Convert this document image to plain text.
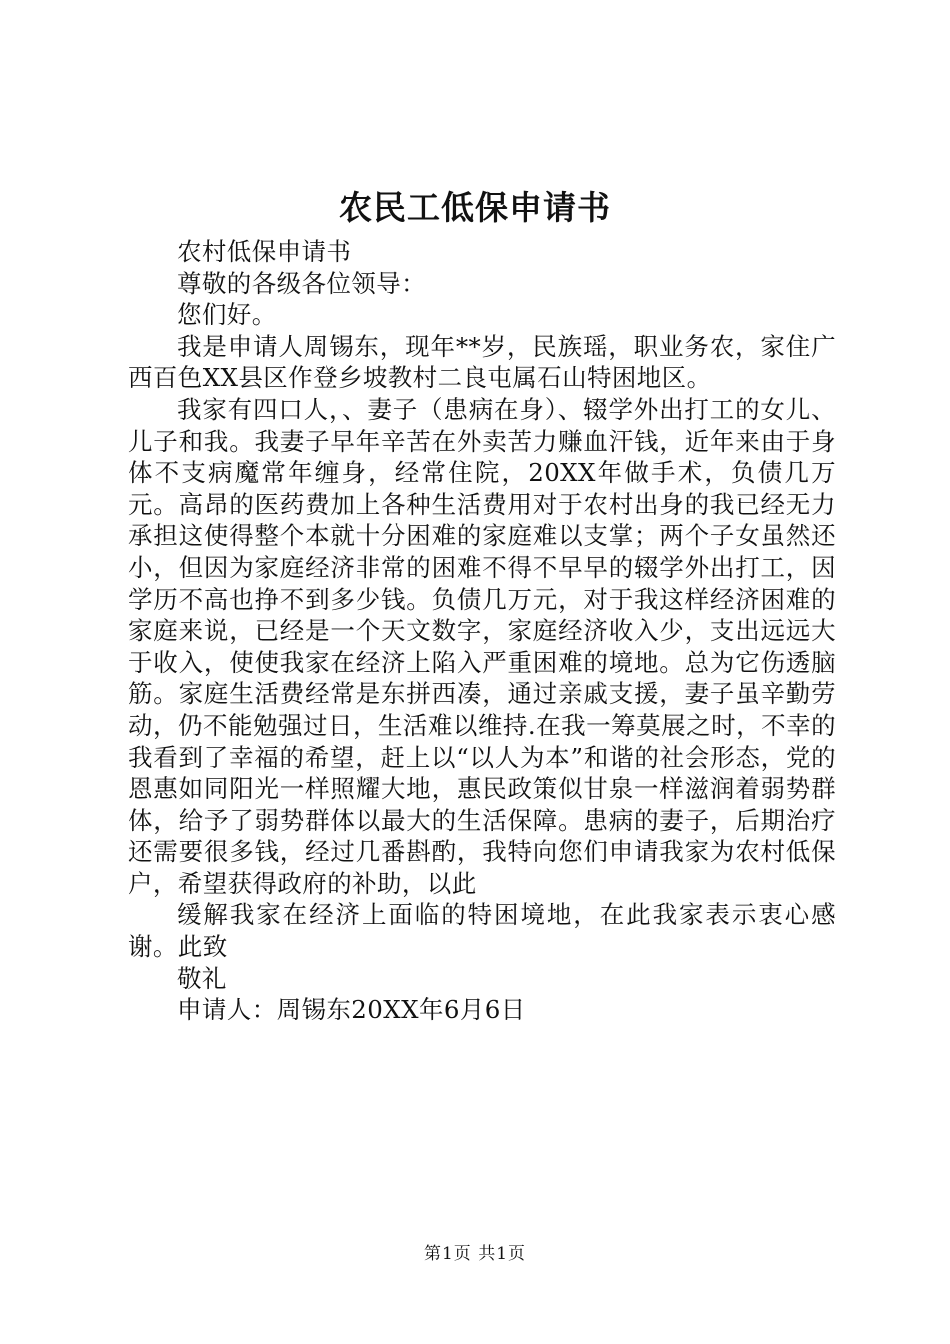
农民工低保申请书

农村低保申请书

尊敬的各级各位领导：

您们好。

我是申请人周锡东，现年**岁，民族瑶，职业务农，家住广西百色XX县区作登乡坡教村二良屯属石山特困地区。

我家有四口人，、妻子（患病在身）、辍学外出打工的女儿、儿子和我。我妻子早年辛苦在外卖苦力赚血汗钱，近年来由于身体不支病魔常年缠身，经常住院，20XX年做手术，负债几万元。高昂的医药费加上各种生活费用对于农村出身的我已经无力承担这使得整个本就十分困难的家庭难以支掌；两个子女虽然还小，但因为家庭经济非常的困难不得不早早的辍学外出打工，因学历不高也挣不到多少钱。负债几万元，对于我这样经济困难的家庭来说，已经是一个天文数字，家庭经济收入少，支出远远大于收入，使使我家在经济上陷入严重困难的境地。总为它伤透脑筋。家庭生活费经常是东拼西凑，通过亲戚支援，妻子虽辛勤劳动，仍不能勉强过日，生活难以维持.在我一筹莫展之时，不幸的我看到了幸福的希望，赶上以“以人为本”和谐的社会形态，党的恩惠如同阳光一样照耀大地，惠民政策似甘泉一样滋润着弱势群体，给予了弱势群体以最大的生活保障。患病的妻子，后期治疗还需要很多钱，经过几番斟酌，我特向您们申请我家为农村低保户，希望获得政府的补助，以此

缓解我家在经济上面临的特困境地，在此我家表示衷心感谢。此致

敬礼

申请人：周锡东20XX年6月6日

第1页 共1页
